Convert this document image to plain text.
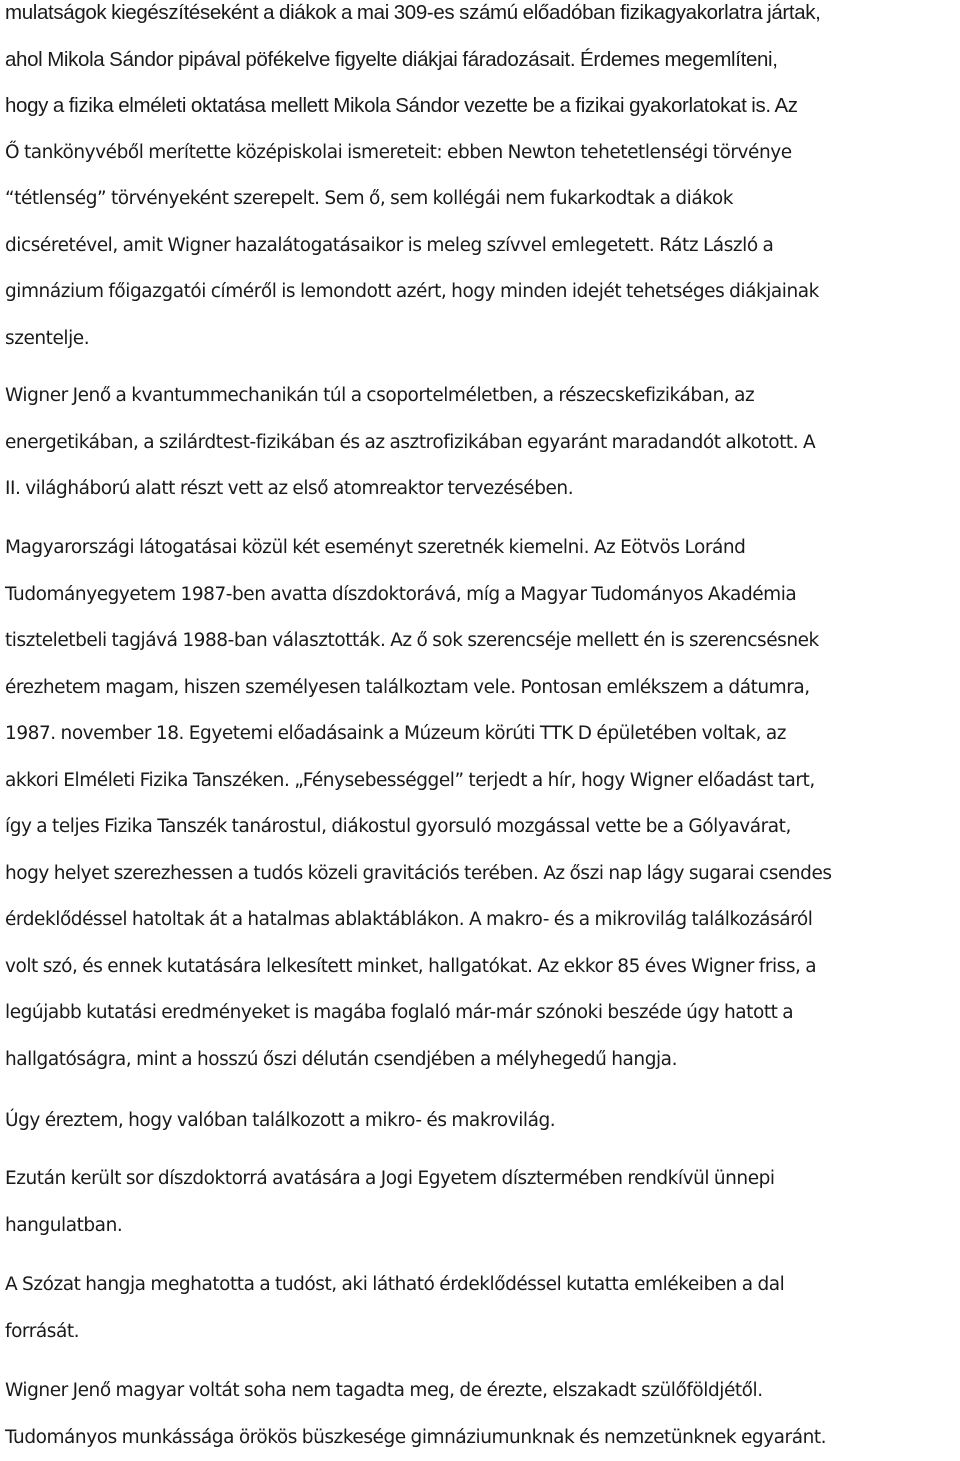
mulatságok kiegészítéseként a diákok a mai 309-es számú előadóban fizikagyakorlatra jártak,
ahol Mikola Sándor pipával pöfékelve figyelte diákjai fáradozásait. Érdemes megemlíteni,
hogy a fizika elméleti oktatása mellett Mikola Sándor vezette be a fizikai gyakorlatokat is. Az
Ő tankönyvéből merítette középiskolai ismereteit: ebben Newton tehetetlenségi törvénye
“tétlenség” törvényeként szerepelt. Sem ő, sem kollégái nem fukarkodtak a diákok
dicséretével, amit Wigner hazalátogatásaikor is meleg szívvel emlegetett. Rátz László a
gimnázium főigazgatói címéről is lemondott azért, hogy minden idejét tehetséges diákjainak
szentelje.
Wigner Jenő a kvantummechanikán túl a csoportelméletben, a részecskefizikában, az
energetikában, a szilárdtest-fizikában és az asztrofizikában egyaránt maradandót alkotott. A
II. világháború alatt részt vett az első atomreaktor tervezésében.
Magyarországi látogatásai közül két eseményt szeretnék kiemelni. Az Eötvös Loránd
Tudományegyetem 1987-ben avatta díszdoktorává, míg a Magyar Tudományos Akadémia
tiszteletbeli tagjává 1988-ban választották. Az ő sok szerencséje mellett én is szerencsésnek
érezhetem magam, hiszen személyesen találkoztam vele. Pontosan emlékszem a dátumra,
1987. november 18. Egyetemi előadásaink a Múzeum körúti TTK D épületében voltak, az
akkori Elméleti Fizika Tanszéken. „Fénysebességgel” terjedt a hír, hogy Wigner előadást tart,
így a teljes Fizika Tanszék tanárostul, diákostul gyorsuló mozgással vette be a Gólyavárat,
hogy helyet szerezhessen a tudós közeli gravitációs terében. Az őszi nap lágy sugarai csendes
érdeklődéssel hatoltak át a hatalmas ablaktáblákon. A makro- és a mikrovilág találkozásáról
volt szó, és ennek kutatására lelkesített minket, hallgatókat. Az ekkor 85 éves Wigner friss, a
legújabb kutatási eredményeket is magába foglaló már-már szónoki beszéde úgy hatott a
hallgatóságra, mint a hosszú őszi délután csendjében a mélyhegedű hangja.
Úgy éreztem, hogy valóban találkozott a mikro- és makrovilág.
Ezután került sor díszdoktorrá avatására a Jogi Egyetem dísztermében rendkívül ünnepi
hangulatban.
A Szózat hangja meghatotta a tudóst, aki látható érdeklődéssel kutatta emlékeiben a dal
forrását.
Wigner Jenő magyar voltát soha nem tagadta meg, de érezte, elszakadt szülőföldjétől.
Tudományos munkássága örökös büszkesége gimnáziumunknak és nemzetünknek egyaránt.
